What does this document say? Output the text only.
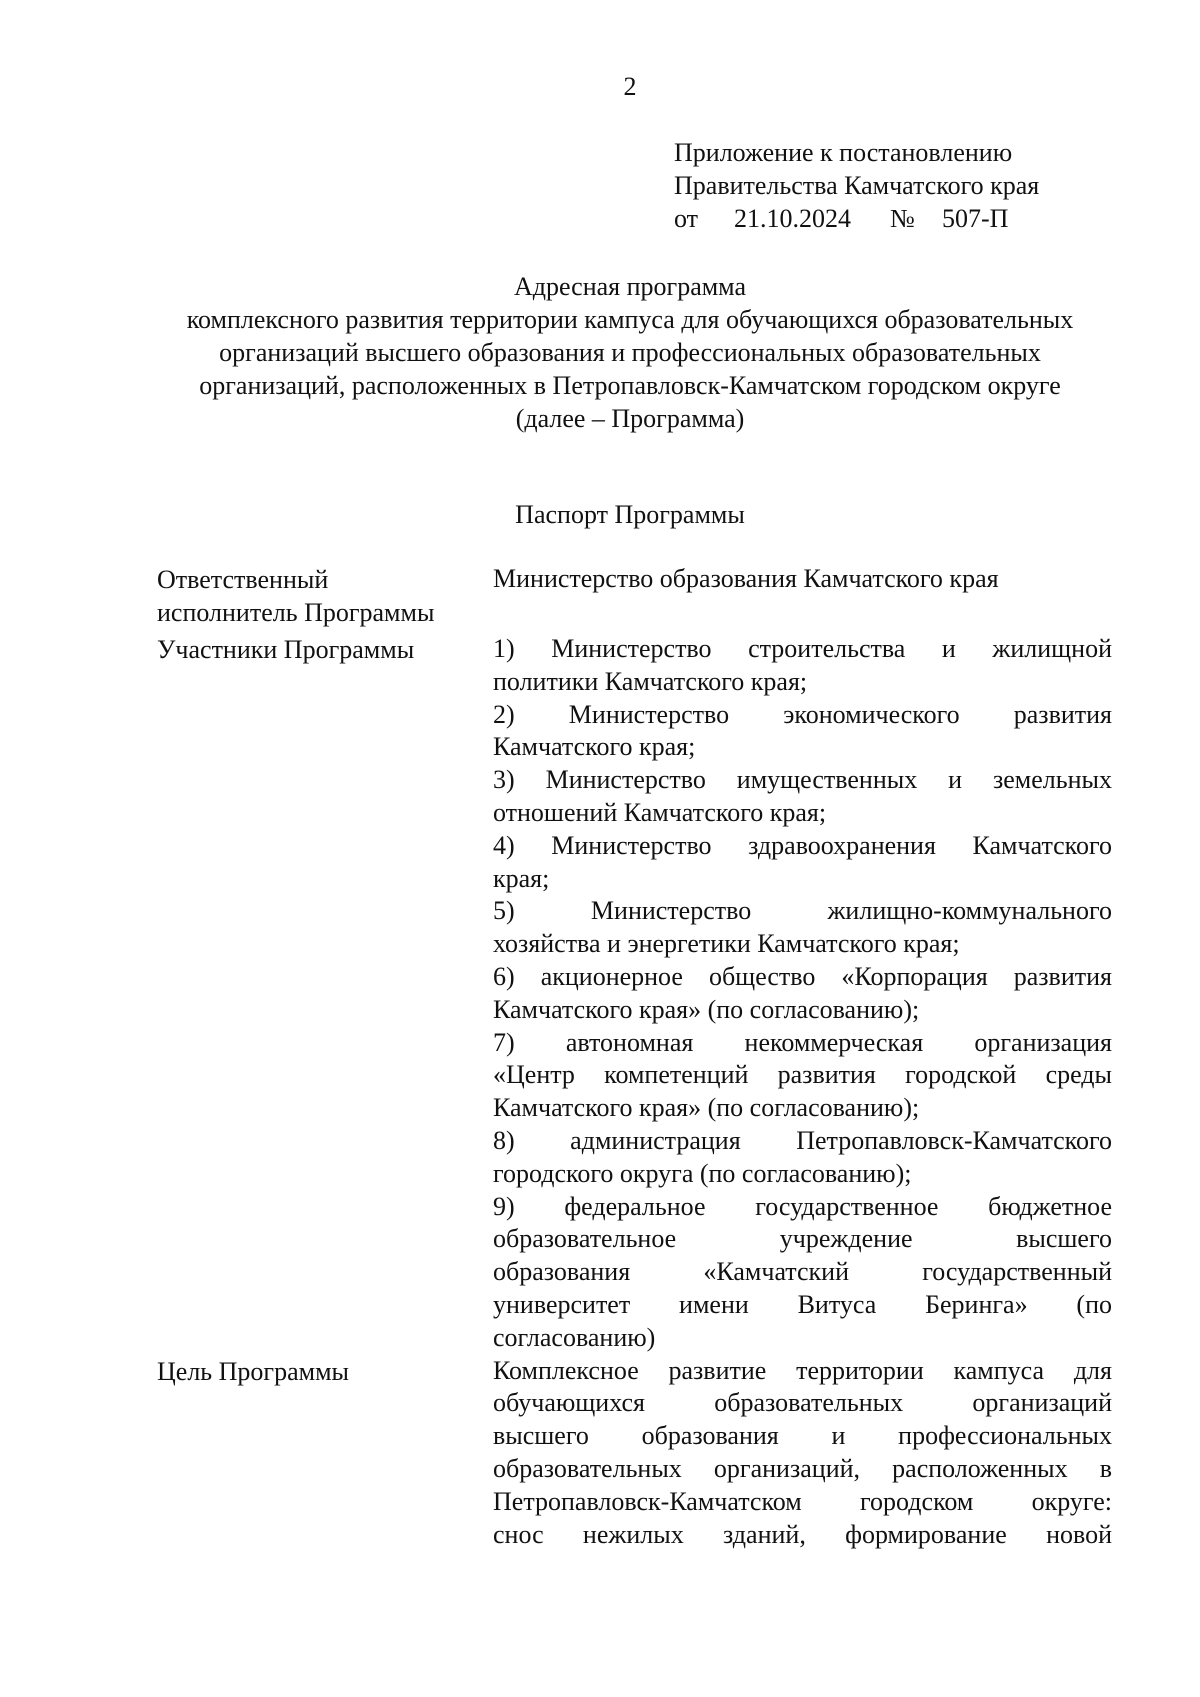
2
Приложение к постановлению
Правительства Камчатского края
от 21.10.2024 № 507-П
Адресная программа
комплексного развития территории кампуса для обучающихся образовательных
организаций высшего образования и профессиональных образовательных
организаций, расположенных в Петропавловск-Камчатском городском округе
(далее – Программа)
Паспорт Программы
Ответственный
исполнитель Программы
Министерство образования Камчатского края
Участники Программы	1) Министерство строительства и жилищной
политики Камчатского края;
2) Министерство экономического развития
Камчатского края;
3) Министерство имущественных и земельных
отношений Камчатского края;
4) Министерство здравоохранения Камчатского
края;
5) Министерство жилищно-коммунального
хозяйства и энергетики Камчатского края;
6) акционерное общество «Корпорация развития
Камчатского края» (по согласованию);
7) автономная некоммерческая организация
«Центр компетенций развития городской среды
Камчатского края» (по согласованию);
8) администрация Петропавловск-Камчатского
городского округа (по согласованию);
9) федеральное государственное бюджетное
образовательное учреждение высшего
образования «Камчатский государственный
университет имени Витуса Беринга» (по
согласованию)
Цель Программы	Комплексное развитие территории кампуса для
обучающихся образовательных организаций
высшего образования и профессиональных
образовательных организаций, расположенных в
Петропавловск-Камчатском городском округе:
снос нежилых зданий, формирование новой
